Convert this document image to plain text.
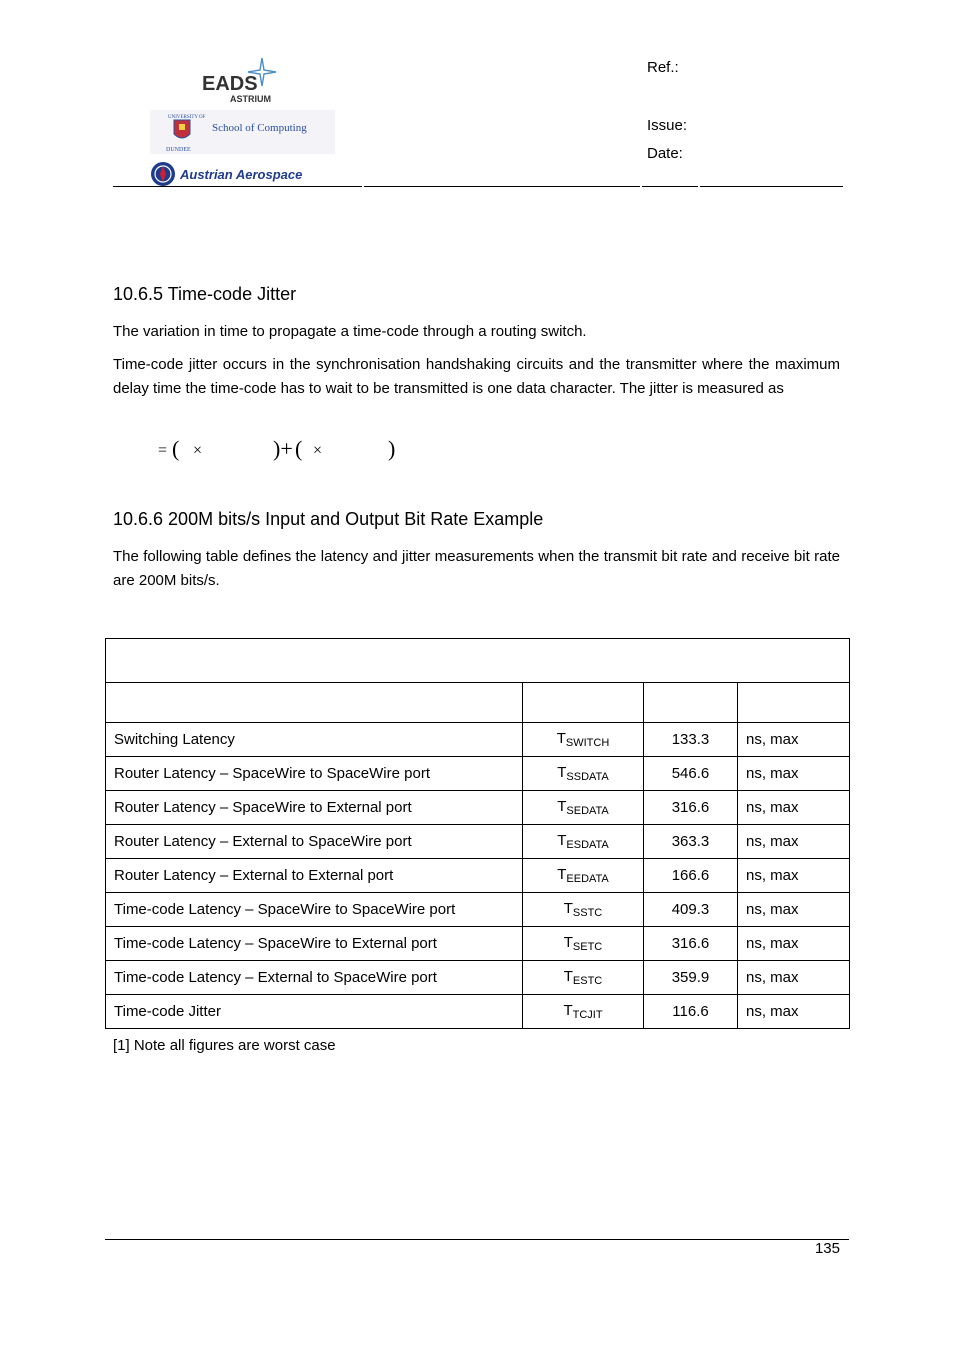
EADS
ASTRIUM
UNIVERSITY OF
DUNDEE
School of Computing
Austrian Aerospace
Ref.:
Issue:
Date:
10.6.5 Time-code Jitter

The variation in time to propagate a time-code through a routing switch.

Time-code jitter occurs in the synchronisation handshaking circuits and the transmitter where the maximum delay time the time-code has to wait to be transmitted is one data character. The jitter is measured as

= ( ×	)+ ( ×	)
10.6.6 200M bits/s Input and Output Bit Rate Example

The following table defines the latency and jitter measurements when the transmit bit rate and receive bit rate are 200M bits/s.

Switching Latency	$T_{SWITCH}$	133.3	ns, max
Router Latency – SpaceWire to SpaceWire port	$T_{SSDATA}$	546.6	ns, max
Router Latency – SpaceWire to External port	$T_{SEDATA}$	316.6	ns, max
Router Latency – External to SpaceWire port	$T_{ESDATA}$	363.3	ns, max
Router Latency – External to External port	$T_{EEDATA}$	166.6	ns, max
Time-code Latency – SpaceWire to SpaceWire port	$T_{SSTC}$	409.3	ns, max
Time-code Latency – SpaceWire to External port	$T_{SETC}$	316.6	ns, max
Time-code Latency – External to SpaceWire port	$T_{ESTC}$	359.9	ns, max
Time-code Jitter	$T_{TCJIT}$	116.6	ns, max
[1] Note all figures are worst case
135
